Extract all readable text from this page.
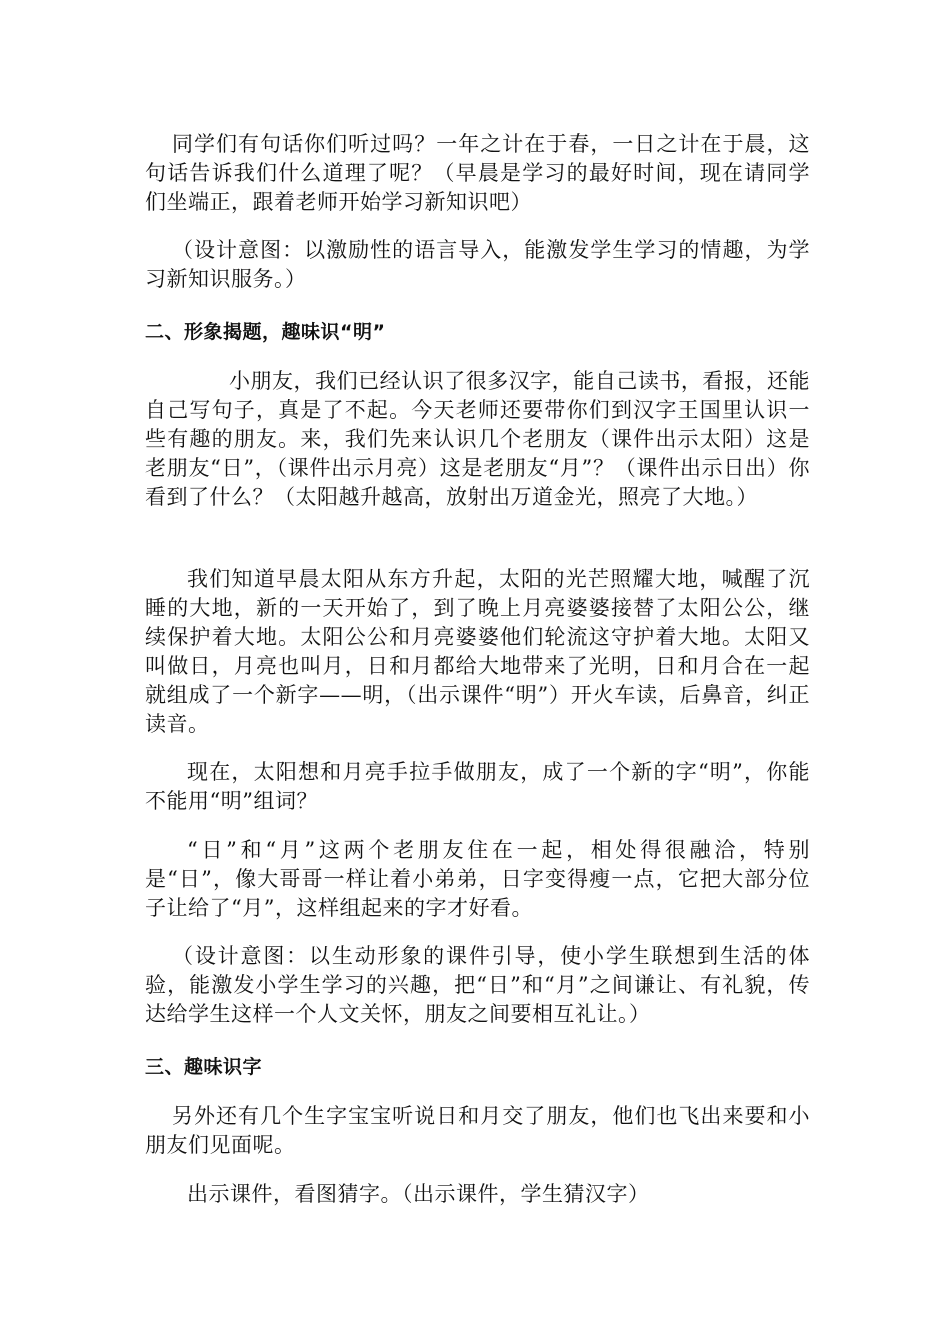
同学们有句话你们听过吗？一年之计在于春，一日之计在于晨，这句话告诉我们什么道理了呢？（早晨是学习的最好时间，现在请同学们坐端正，跟着老师开始学习新知识吧）

（设计意图：以激励性的语言导入，能激发学生学习的情趣，为学习新知识服务。）

二、形象揭题，趣味识“明”

小朋友，我们已经认识了很多汉字，能自己读书，看报，还能自己写句子，真是了不起。今天老师还要带你们到汉字王国里认识一些有趣的朋友。来，我们先来认识几个老朋友（课件出示太阳）这是老朋友“日”，（课件出示月亮）这是老朋友“月”？（课件出示日出）你看到了什么？（太阳越升越高，放射出万道金光，照亮了大地。）

我们知道早晨太阳从东方升起，太阳的光芒照耀大地，喊醒了沉睡的大地，新的一天开始了，到了晚上月亮婆婆接替了太阳公公，继续保护着大地。太阳公公和月亮婆婆他们轮流这守护着大地。太阳又叫做日，月亮也叫月，日和月都给大地带来了光明，日和月合在一起就组成了一个新字——明，（出示课件“明”）开火车读，后鼻音，纠正读音。

现在，太阳想和月亮手拉手做朋友，成了一个新的字“明”，你能不能用“明”组词？

“日”和“月”这两个老朋友住在一起，相处得很融洽，特别是“日”，像大哥哥一样让着小弟弟，日字变得瘦一点，它把大部分位子让给了“月”，这样组起来的字才好看。

（设计意图：以生动形象的课件引导，使小学生联想到生活的体验，能激发小学生学习的兴趣，把“日”和“月”之间谦让、有礼貌，传达给学生这样一个人文关怀，朋友之间要相互礼让。）

三、趣味识字

另外还有几个生字宝宝听说日和月交了朋友，他们也飞出来要和小朋友们见面呢。

出示课件，看图猜字。（出示课件，学生猜汉字）
